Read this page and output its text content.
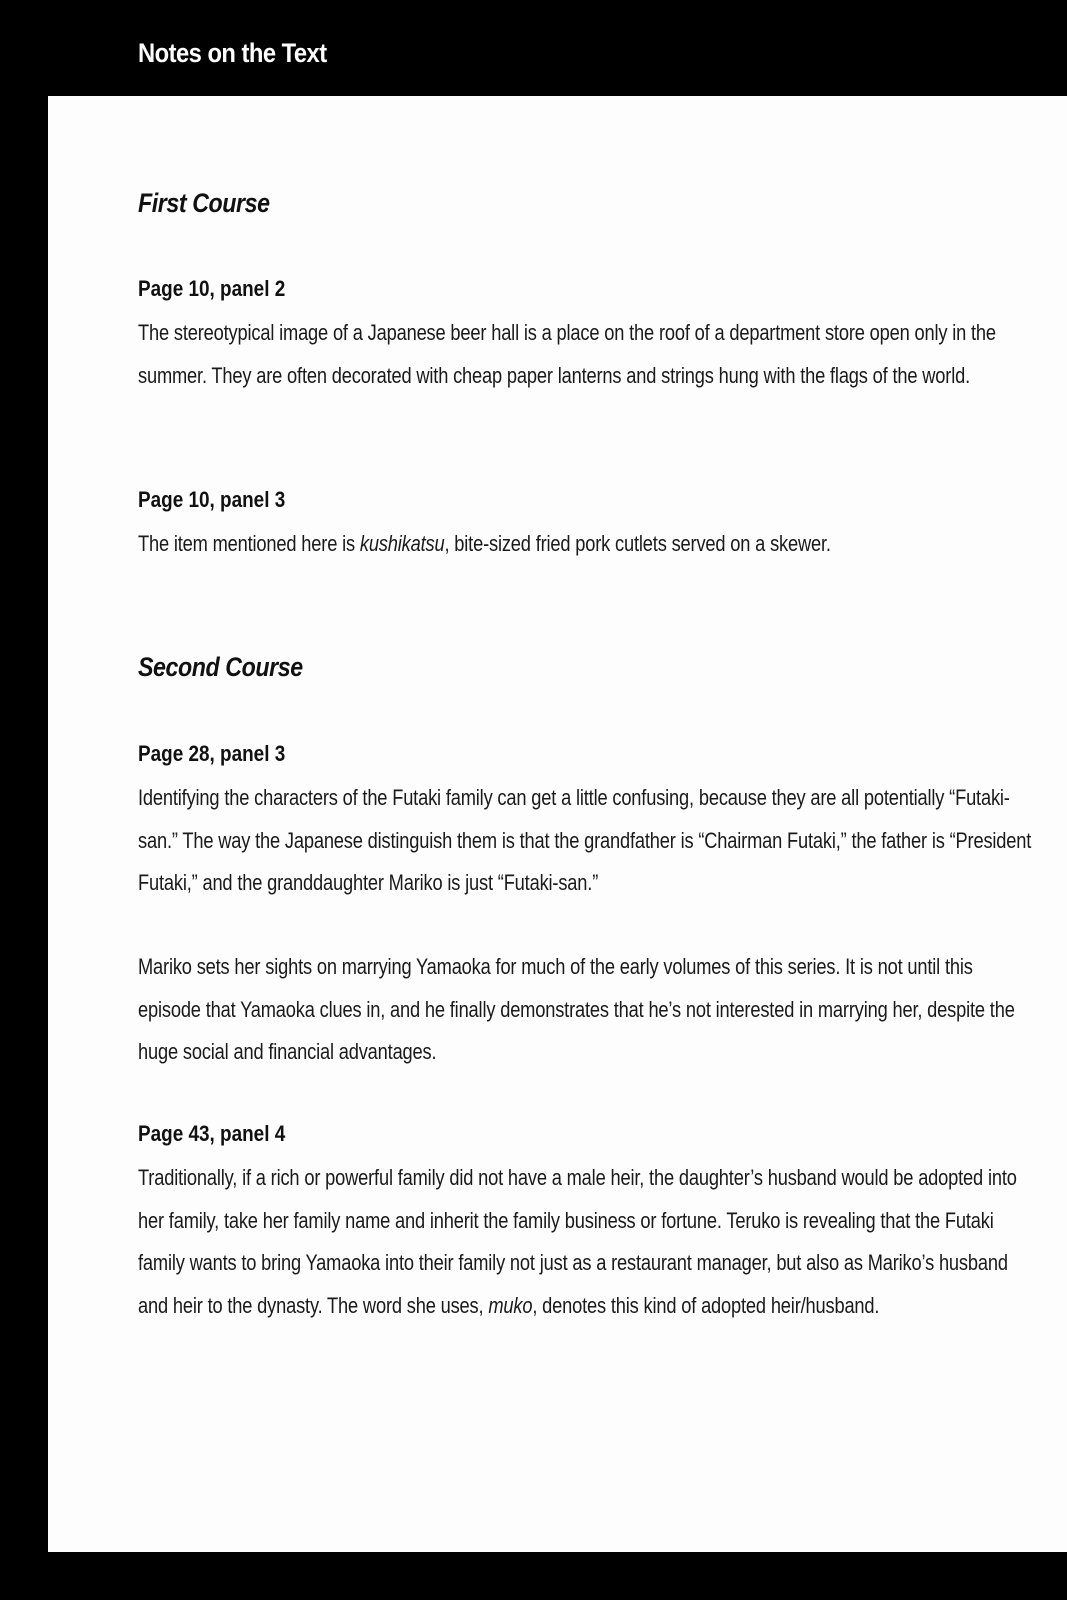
Notes on the Text
First Course
Page 10, panel 2
The stereotypical image of a Japanese beer hall is a place on the roof of a department store open only in the summer. They are often decorated with cheap paper lanterns and strings hung with the flags of the world.
Page 10, panel 3
The item mentioned here is kushikatsu, bite-sized fried pork cutlets served on a skewer.
Second Course
Page 28, panel 3
Identifying the characters of the Futaki family can get a little confusing, because they are all potentially “Futaki-san.” The way the Japanese distinguish them is that the grandfather is “Chairman Futaki,” the father is “President Futaki,” and the granddaughter Mariko is just “Futaki-san.”
Mariko sets her sights on marrying Yamaoka for much of the early volumes of this series. It is not until this episode that Yamaoka clues in, and he finally demonstrates that he’s not interested in marrying her, despite the huge social and financial advantages.
Page 43, panel 4
Traditionally, if a rich or powerful family did not have a male heir, the daughter’s husband would be adopted into her family, take her family name and inherit the family business or fortune. Teruko is revealing that the Futaki family wants to bring Yamaoka into their family not just as a restaurant manager, but also as Mariko’s husband and heir to the dynasty. The word she uses, muko, denotes this kind of adopted heir/husband.
